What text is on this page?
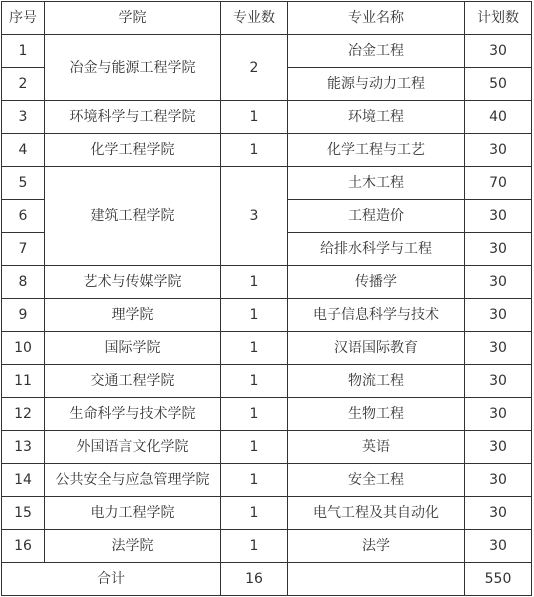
序号	学院	专业数	专业名称	计划数
1	冶金与能源工程学院	2	冶金工程	30
2			能源与动力工程	50
3	环境科学与工程学院	1	环境工程	40
4	化学工程学院	1	化学工程与工艺	30
5	建筑工程学院	3	土木工程	70
6			工程造价	30
7			给排水科学与工程	30
8	艺术与传媒学院	1	传播学	30
9	理学院	1	电子信息科学与技术	30
10	国际学院	1	汉语国际教育	30
11	交通工程学院	1	物流工程	30
12	生命科学与技术学院	1	生物工程	30
13	外国语言文化学院	1	英语	30
14	公共安全与应急管理学院	1	安全工程	30
15	电力工程学院	1	电气工程及其自动化	30
16	法学院	1	法学	30
合计		16		550
